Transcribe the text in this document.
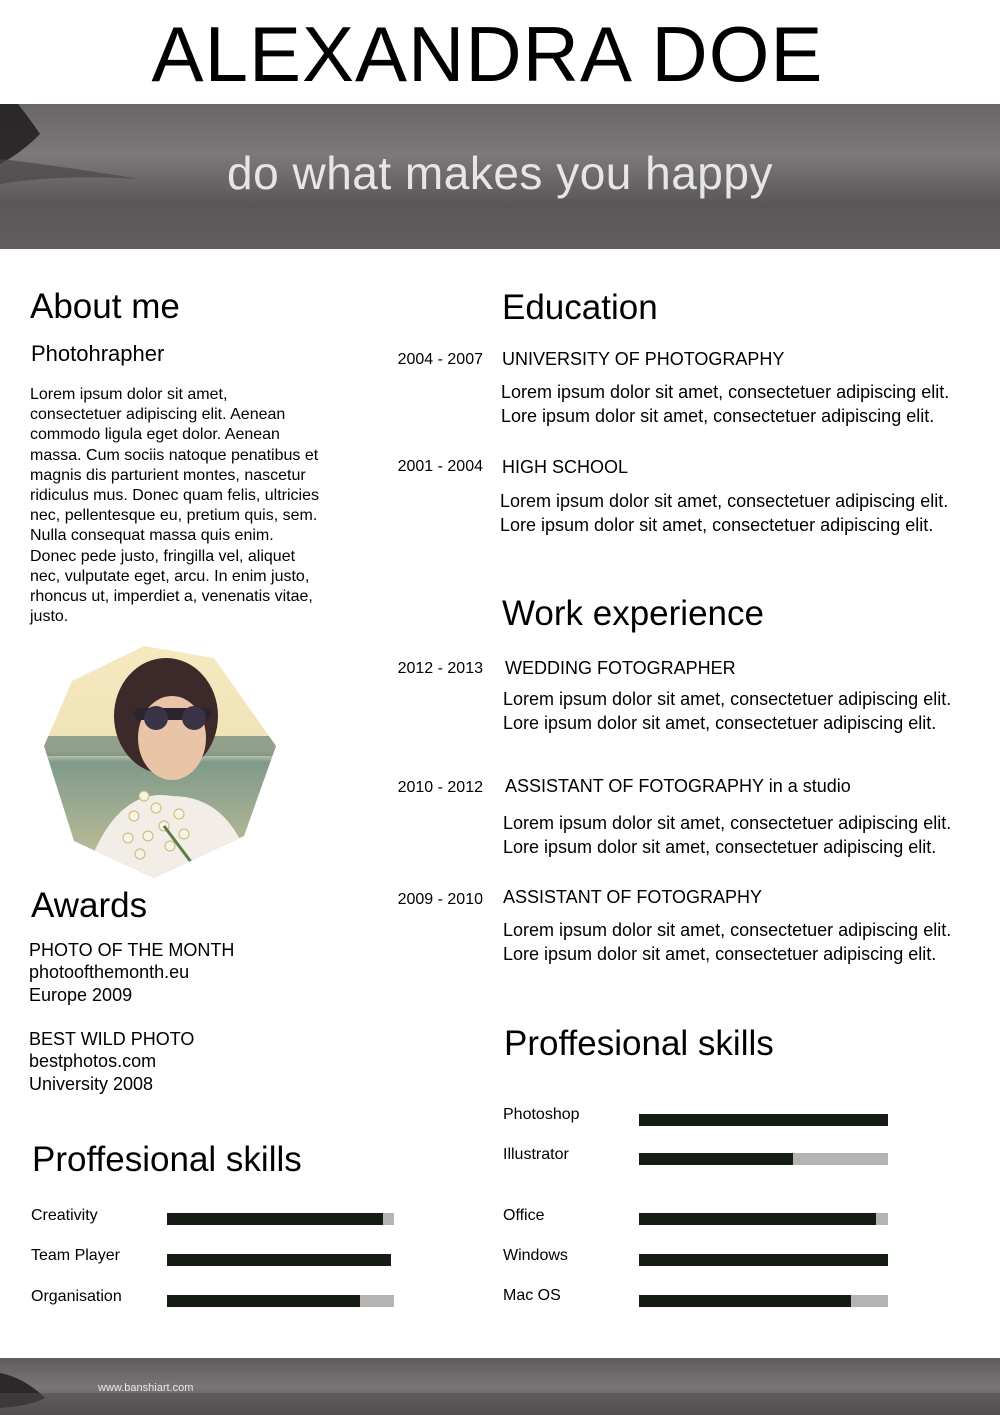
ALEXANDRA DOE
do what makes you happy
About me
Photohrapher
Lorem ipsum dolor sit amet, consectetuer adipiscing elit. Aenean commodo ligula eget dolor. Aenean massa. Cum sociis natoque penatibus et magnis dis parturient montes, nascetur ridiculus mus. Donec quam felis, ultricies nec, pellentesque eu, pretium quis, sem. Nulla consequat massa quis enim. Donec pede justo, fringilla vel, aliquet nec, vulputate eget, arcu. In enim justo, rhoncus ut, imperdiet a, venenatis vitae, justo.
Awards
PHOTO OF THE MONTH
photoofthemonth.eu
Europe 2009
BEST WILD PHOTO
bestphotos.com
University 2008
Proffesional skills
Creativity
Team Player
Organisation
Education
2004 - 2007 UNIVERSITY OF PHOTOGRAPHY
Lorem ipsum dolor sit amet, consectetuer adipiscing elit.
Lore ipsum dolor sit amet, consectetuer adipiscing elit.
2001 - 2004 HIGH SCHOOL
Lorem ipsum dolor sit amet, consectetuer adipiscing elit.
Lore ipsum dolor sit amet, consectetuer adipiscing elit.
Work experience
2012 - 2013 WEDDING FOTOGRAPHER
Lorem ipsum dolor sit amet, consectetuer adipiscing elit.
Lore ipsum dolor sit amet, consectetuer adipiscing elit.
2010 - 2012 ASSISTANT OF FOTOGRAPHY in a studio
Lorem ipsum dolor sit amet, consectetuer adipiscing elit.
Lore ipsum dolor sit amet, consectetuer adipiscing elit.
2009 - 2010 ASSISTANT OF FOTOGRAPHY
Lorem ipsum dolor sit amet, consectetuer adipiscing elit.
Lore ipsum dolor sit amet, consectetuer adipiscing elit.
Proffesional skills
Photoshop
Illustrator
Office
Windows
Mac OS
www.banshiart.com
